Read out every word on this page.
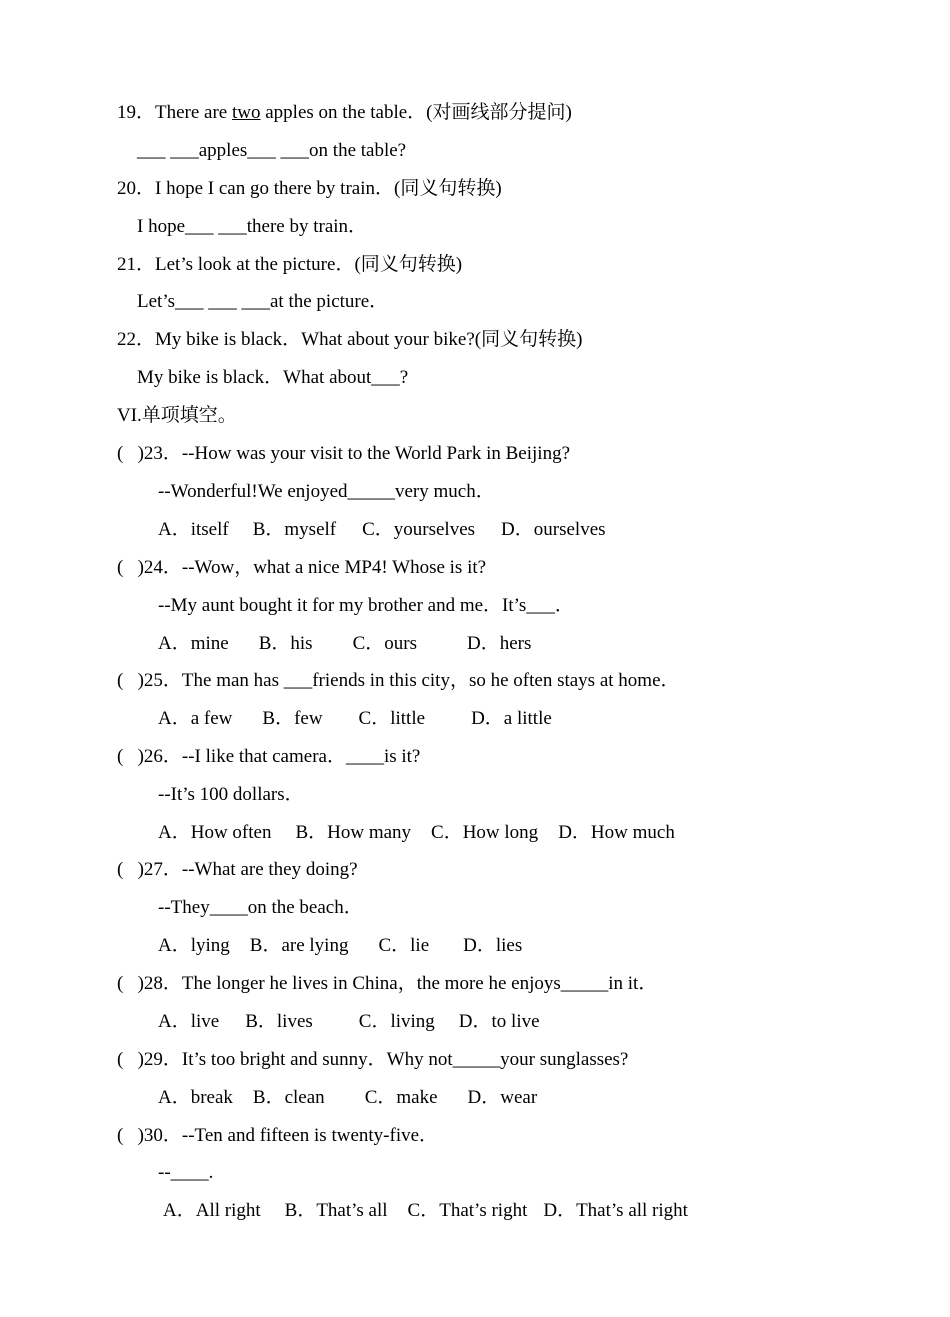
19．There are two apples on the table．(对画线部分提问)
___ ___apples___ ___on the table?
20．I hope I can go there by train．(同义句转换)
I hope___ ___there by train．
21．Let’s look at the picture．(同义句转换)
Let’s___ ___ ___at the picture．
22．My bike is black．What about your bike?(同义句转换)
My bike is black．What about___?
VI.单项填空。
(   )23．--How was your visit to the World Park in Beijing?
--Wonderful!We enjoyed_____very much．
A．itself B．myself C．yourselves D．ourselves
(   )24．--Wow，what a nice MP4! Whose is it?
--My aunt bought it for my brother and me．It’s___．
A．mine B．his C．ours	D．hers
(   )25．The man has ___friends in this city，so he often stays at home．
A．a few B．few C．little D．a little
(   )26．--I like that camera．____is it?
--It’s 100 dollars．
A．How often B．How many C．How long D．How much
(   )27．--What are they doing?
--They____on the beach．
A．lying B．are lying C．lie D．lies
(   )28．The longer he lives in China，the more he enjoys_____in it．
A．live B．lives C．living D．to live
(   )29．It’s too bright and sunny．Why not_____your sunglasses?
A．break B．clean C．make D．wear
(   )30．--Ten and fifteen is twenty-five．
--____.
A．All right B．That’s all C．That’s right D．That’s all right
